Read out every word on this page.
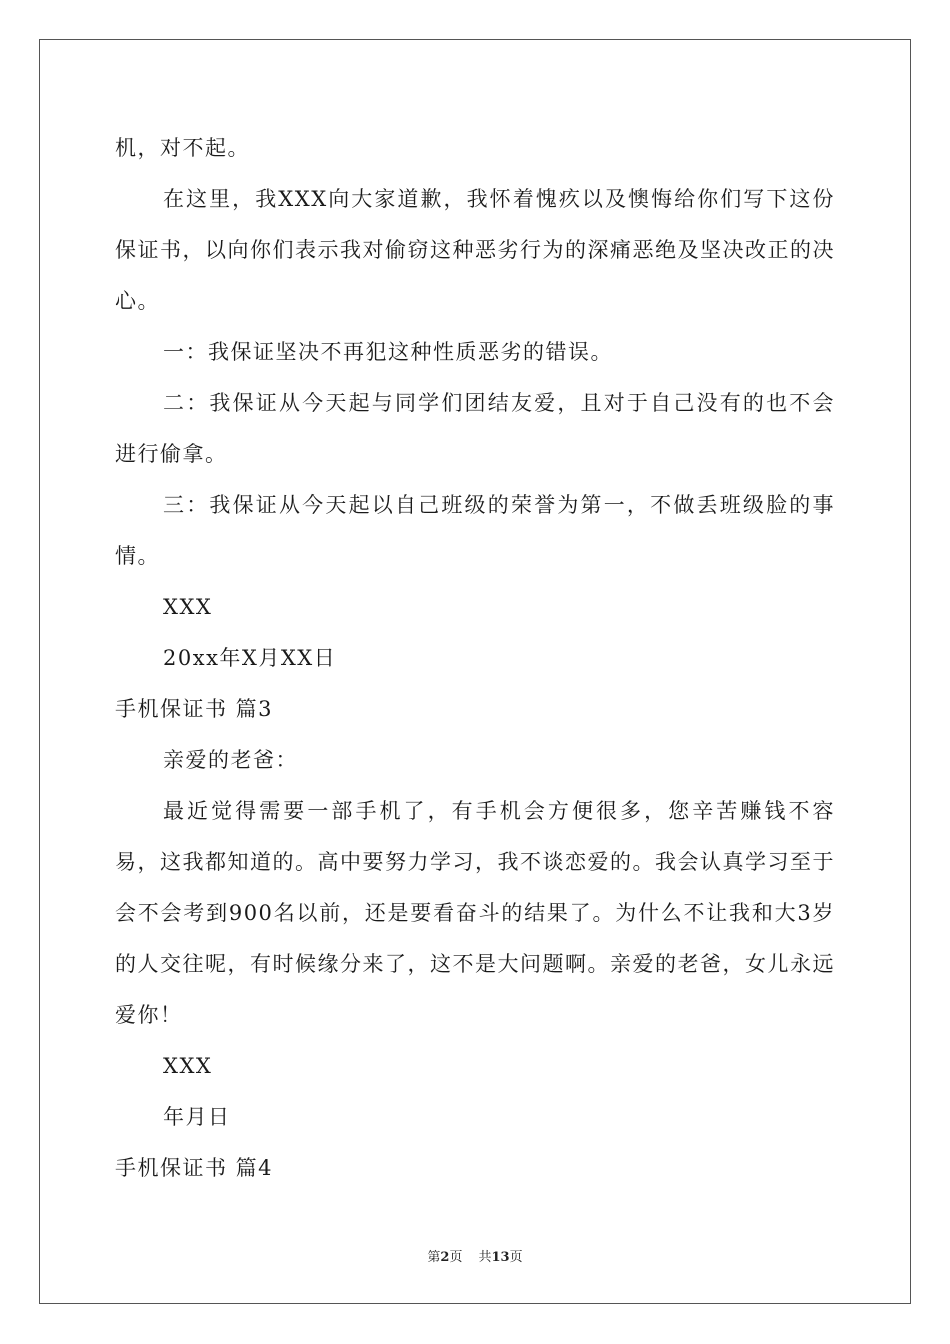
机，对不起。

在这里，我XXX向大家道歉，我怀着愧疚以及懊悔给你们写下这份保证书，以向你们表示我对偷窃这种恶劣行为的深痛恶绝及坚决改正的决心。

一：我保证坚决不再犯这种性质恶劣的错误。

二：我保证从今天起与同学们团结友爱，且对于自己没有的也不会进行偷拿。

三：我保证从今天起以自己班级的荣誉为第一，不做丢班级脸的事情。

XXX

20xx年X月XX日

手机保证书 篇3

亲爱的老爸：

最近觉得需要一部手机了，有手机会方便很多，您辛苦赚钱不容易，这我都知道的。高中要努力学习，我不谈恋爱的。我会认真学习至于会不会考到900名以前，还是要看奋斗的结果了。为什么不让我和大3岁的人交往呢，有时候缘分来了，这不是大问题啊。亲爱的老爸，女儿永远爱你！

XXX

年月日

手机保证书 篇4

第2页 共13页
